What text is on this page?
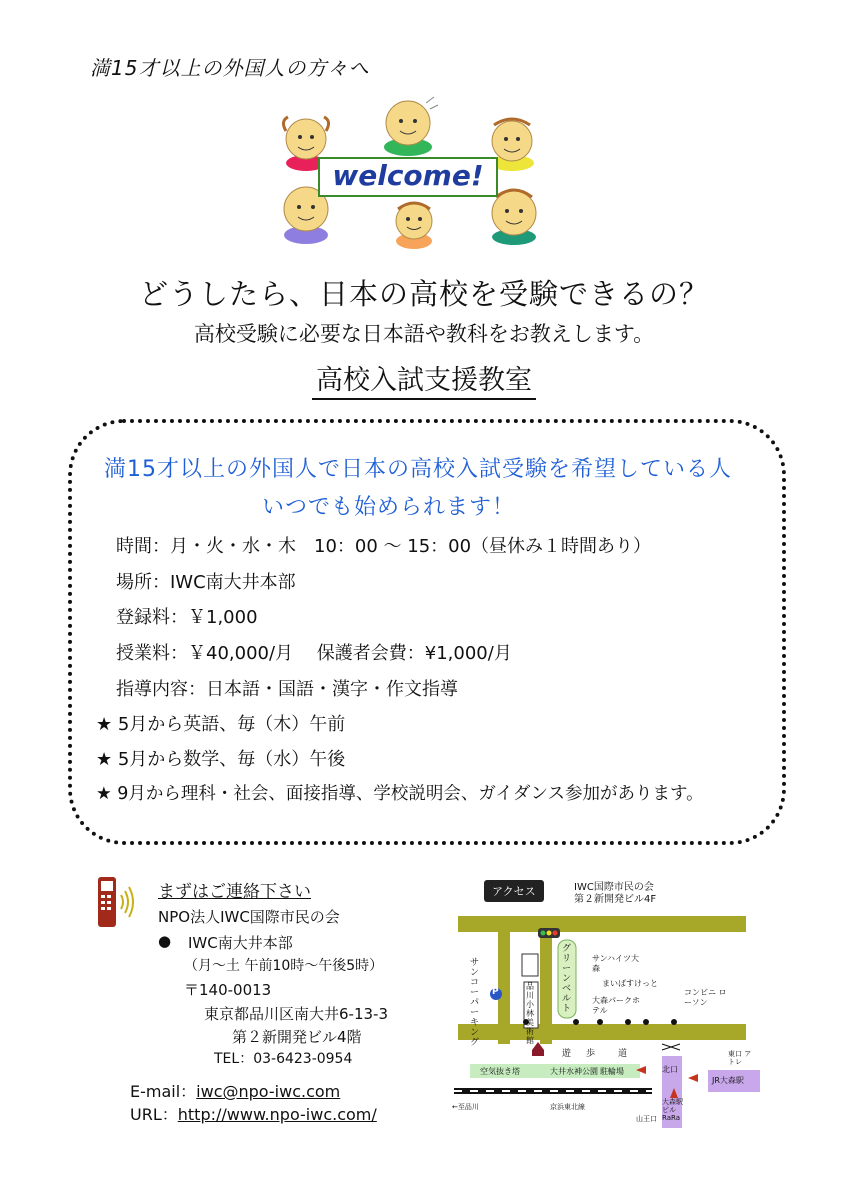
満15才以上の外国人の方々へ
welcome!
どうしたら、日本の高校を受験できるの？
高校受験に必要な日本語や教科をお教えします。
高校入試支援教室
満15才以上の外国人で日本の高校入試受験を希望している人
いつでも始められます！
時間：月・火・水・木　10：00 ～ 15：00（昼休み１時間あり）
場所：IWC南大井本部
登録料：￥1,000
授業料：￥40,000/月　 保護者会費：¥1,000/月
指導内容：日本語・国語・漢字・作文指導
★ 5月から英語、毎（木）午前
★ 5月から数学、毎（水）午後
★ 9月から理科・社会、面接指導、学校説明会、ガイダンス参加があります。
まずはご連絡下さい
NPO法人IWC国際市民の会
● IWC南大井本部
（月～土 午前10時～午後5時）
〒140-0013
東京都品川区南大井6-13-3
第２新開発ビル4階
TEL：03-6423-0954
E-mail：iwc@npo-iwc.com
URL：http://www.npo-iwc.com/
アクセス	IWC国際市民の会
第２新開発ビル4F
サンコーパーキング
P
品川小林美術館
グリーンベルト
サンハイツ大森
まいばすけっと
大森パークホテル
コンビニ ローソン
遊 歩	道
空気抜き塔	大井水神公園 駐輪場	北口
東口 アトレ
JR大森駅
大森駅ビル RaRa
←至品川	京浜東北線
山王口
